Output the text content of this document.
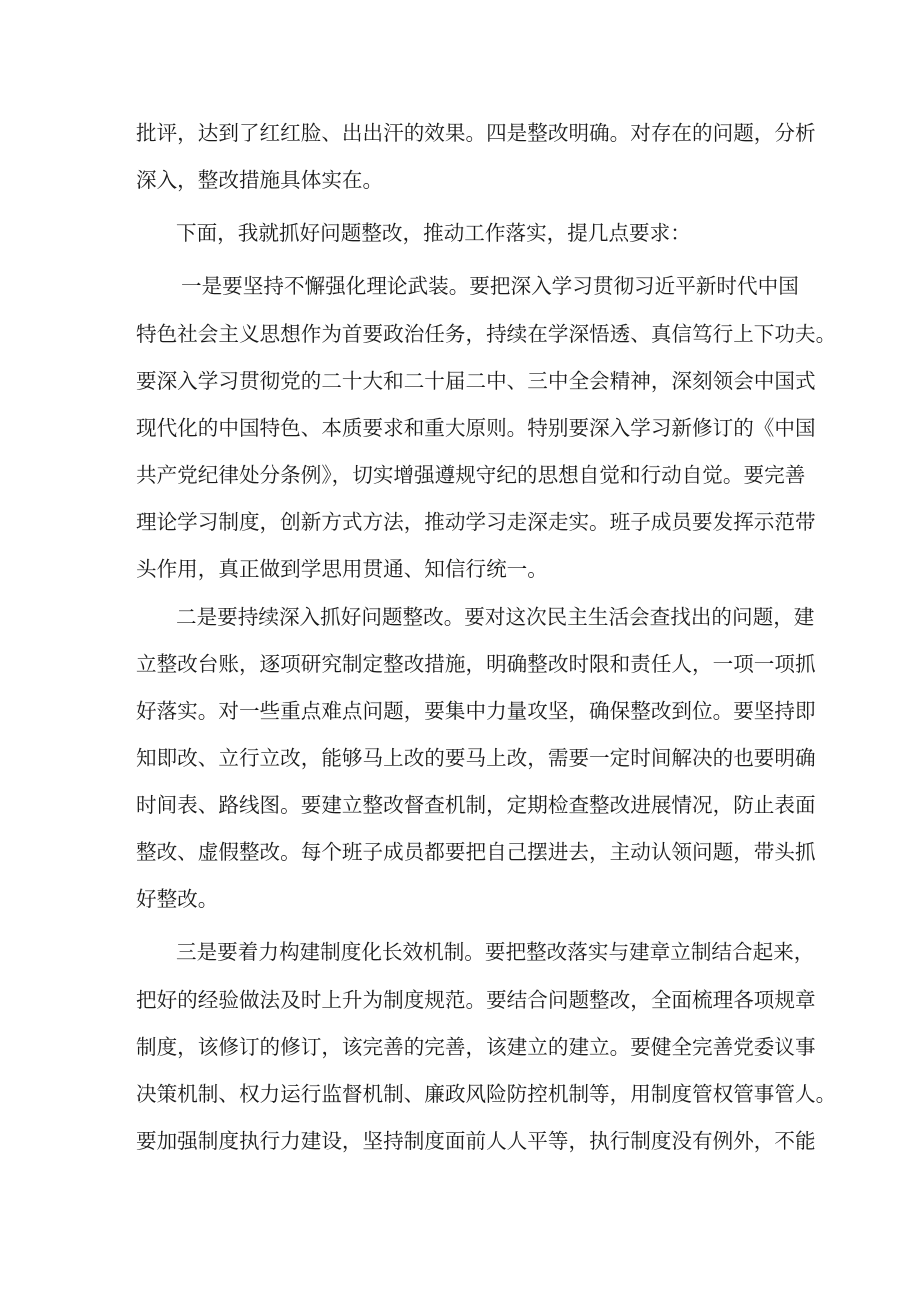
批评，达到了红红脸、出出汗的效果。四是整改明确。对存在的问题，分析
深入，整改措施具体实在。
下面，我就抓好问题整改，推动工作落实，提几点要求：
一是要坚持不懈强化理论武装。要把深入学习贯彻习近平新时代中国
特色社会主义思想作为首要政治任务，持续在学深悟透、真信笃行上下功夫。
要深入学习贯彻党的二十大和二十届二中、三中全会精神，深刻领会中国式
现代化的中国特色、本质要求和重大原则。特别要深入学习新修订的《中国
共产党纪律处分条例》，切实增强遵规守纪的思想自觉和行动自觉。要完善
理论学习制度，创新方式方法，推动学习走深走实。班子成员要发挥示范带
头作用，真正做到学思用贯通、知信行统一。
二是要持续深入抓好问题整改。要对这次民主生活会查找出的问题，建
立整改台账，逐项研究制定整改措施，明确整改时限和责任人，一项一项抓
好落实。对一些重点难点问题，要集中力量攻坚，确保整改到位。要坚持即
知即改、立行立改，能够马上改的要马上改，需要一定时间解决的也要明确
时间表、路线图。要建立整改督查机制，定期检查整改进展情况，防止表面
整改、虚假整改。每个班子成员都要把自己摆进去，主动认领问题，带头抓
好整改。
三是要着力构建制度化长效机制。要把整改落实与建章立制结合起来，
把好的经验做法及时上升为制度规范。要结合问题整改，全面梳理各项规章
制度，该修订的修订，该完善的完善，该建立的建立。要健全完善党委议事
决策机制、权力运行监督机制、廉政风险防控机制等，用制度管权管事管人。
要加强制度执行力建设，坚持制度面前人人平等，执行制度没有例外，不能
